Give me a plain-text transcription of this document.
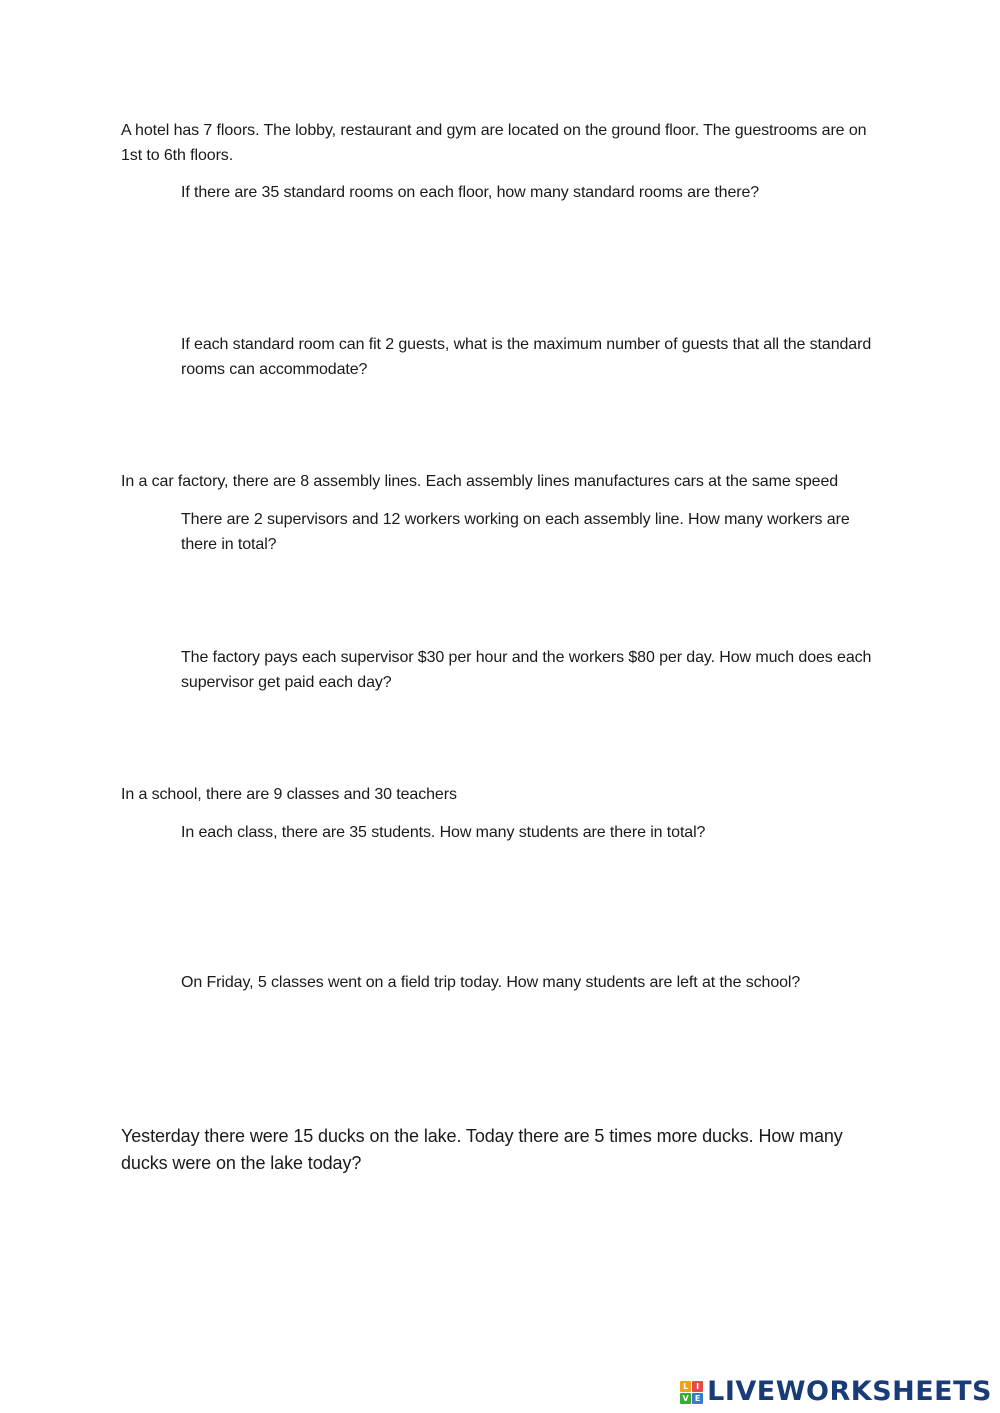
A hotel has 7 floors. The lobby, restaurant and gym are located on the ground floor. The guestrooms are on 1st to 6th floors.

If there are 35 standard rooms on each floor, how many standard rooms are there?

If each standard room can fit 2 guests, what is the maximum number of guests that all the standard rooms can accommodate?

In a car factory, there are 8 assembly lines. Each assembly lines manufactures cars at the same speed

There are 2 supervisors and 12 workers working on each assembly line. How many workers are there in total?

The factory pays each supervisor $30 per hour and the workers $80 per day. How much does each supervisor get paid each day?

In a school, there are 9 classes and 30 teachers

In each class, there are 35 students. How many students are there in total?

On Friday, 5 classes went on a field trip today. How many students are left at the school?

Yesterday there were 15 ducks on the lake. Today there are 5 times more ducks. How many ducks were on the lake today?

L I
V E LIVEWORKSHEETS
